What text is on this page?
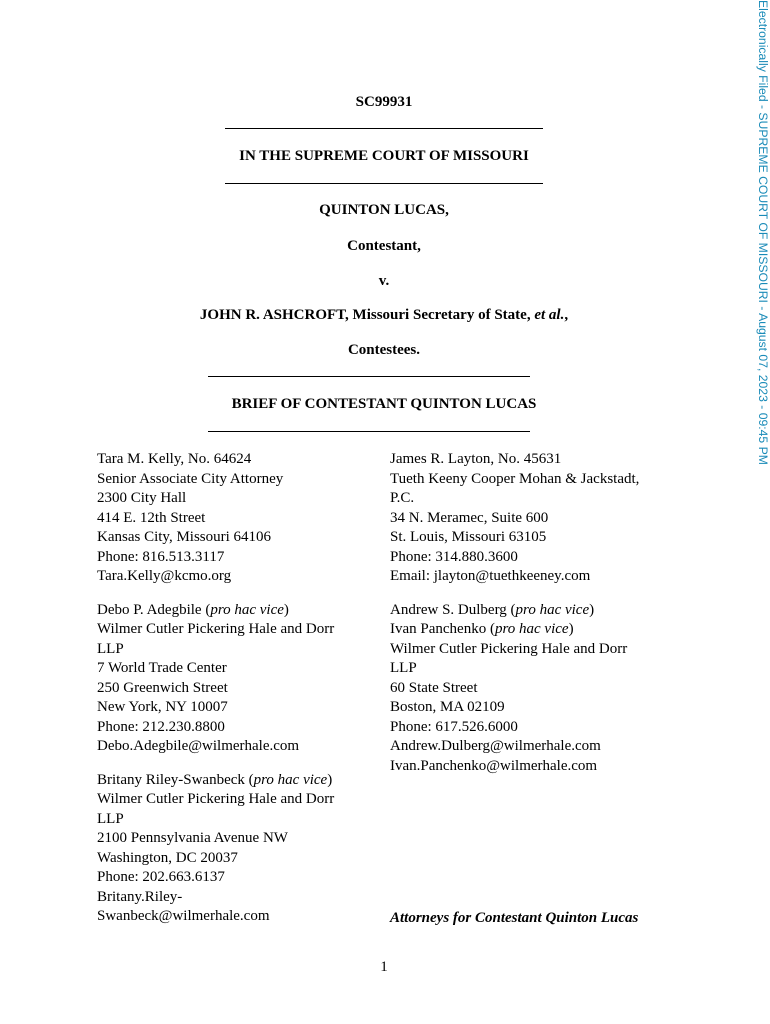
Electronically Filed - SUPREME COURT OF MISSOURI - August 07, 2023 - 09:45 PM
SC99931
IN THE SUPREME COURT OF MISSOURI
QUINTON LUCAS,
Contestant,
v.
JOHN R. ASHCROFT, Missouri Secretary of State, et al.,
Contestees.
BRIEF OF CONTESTANT QUINTON LUCAS
Tara M. Kelly, No. 64624
Senior Associate City Attorney
2300 City Hall
414 E. 12th Street
Kansas City, Missouri 64106
Phone: 816.513.3117
Tara.Kelly@kcmo.org
Debo P. Adegbile (pro hac vice)
Wilmer Cutler Pickering Hale and Dorr
LLP
7 World Trade Center
250 Greenwich Street
New York, NY 10007
Phone: 212.230.8800
Debo.Adegbile@wilmerhale.com
Britany Riley-Swanbeck (pro hac vice)
Wilmer Cutler Pickering Hale and Dorr
LLP
2100 Pennsylvania Avenue NW
Washington, DC 20037
Phone: 202.663.6137
Britany.Riley-
Swanbeck@wilmerhale.com
James R. Layton, No. 45631
Tueth Keeny Cooper Mohan & Jackstadt,
P.C.
34 N. Meramec, Suite 600
St. Louis, Missouri 63105
Phone: 314.880.3600
Email: jlayton@tuethkeeney.com
Andrew S. Dulberg (pro hac vice)
Ivan Panchenko (pro hac vice)
Wilmer Cutler Pickering Hale and Dorr
LLP
60 State Street
Boston, MA 02109
Phone: 617.526.6000
Andrew.Dulberg@wilmerhale.com
Ivan.Panchenko@wilmerhale.com
Attorneys for Contestant Quinton Lucas
1
